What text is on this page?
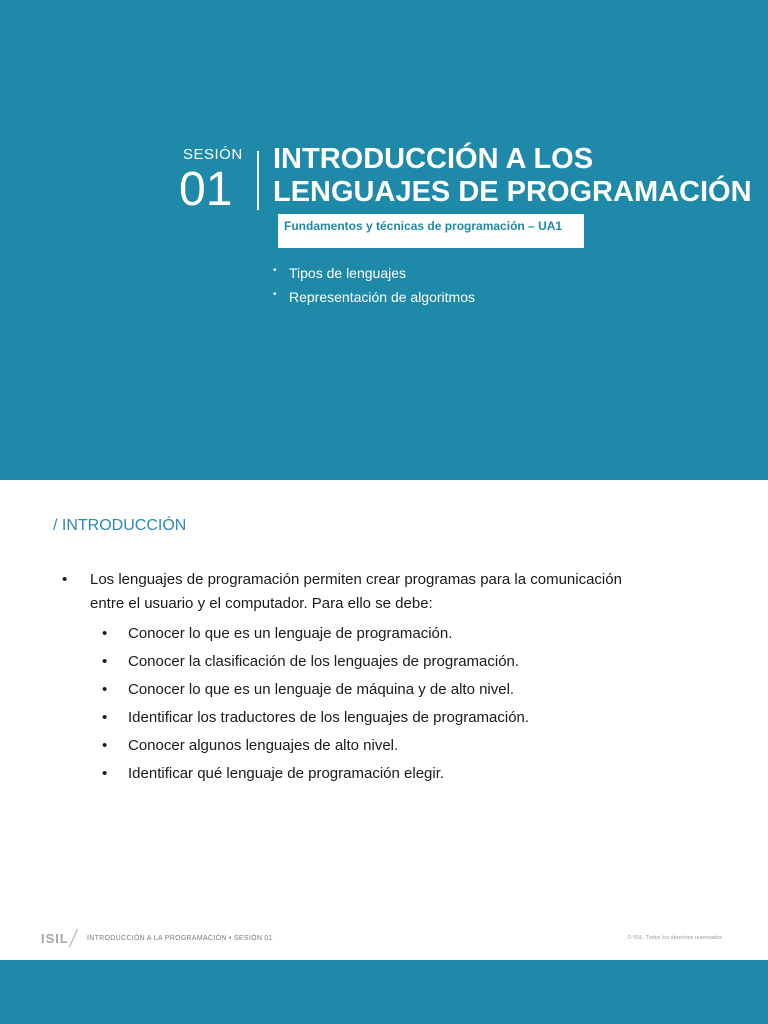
SESIÓN
01
INTRODUCCIÓN A LOS
LENGUAJES DE PROGRAMACIÓN
Fundamentos y técnicas de programación – UA1
• Tipos de lenguajes
• Representación de algoritmos
/ INTRODUCCIÓN
•	Los lenguajes de programación permiten crear programas para la comunicación entre el usuario y el computador. Para ello se debe:
•	Conocer lo que es un lenguaje de programación.
•	Conocer la clasificación de los lenguajes de programación.
•	Conocer lo que es un lenguaje de máquina y de alto nivel.
•	Identificar los traductores de los lenguajes de programación.
•	Conocer algunos lenguajes de alto nivel.
•	Identificar qué lenguaje de programación elegir.
ISIL	INTRODUCCIÓN A LA PROGRAMACIÓN • SESIÓN 01	© ISIL. Todos los derechos reservados
